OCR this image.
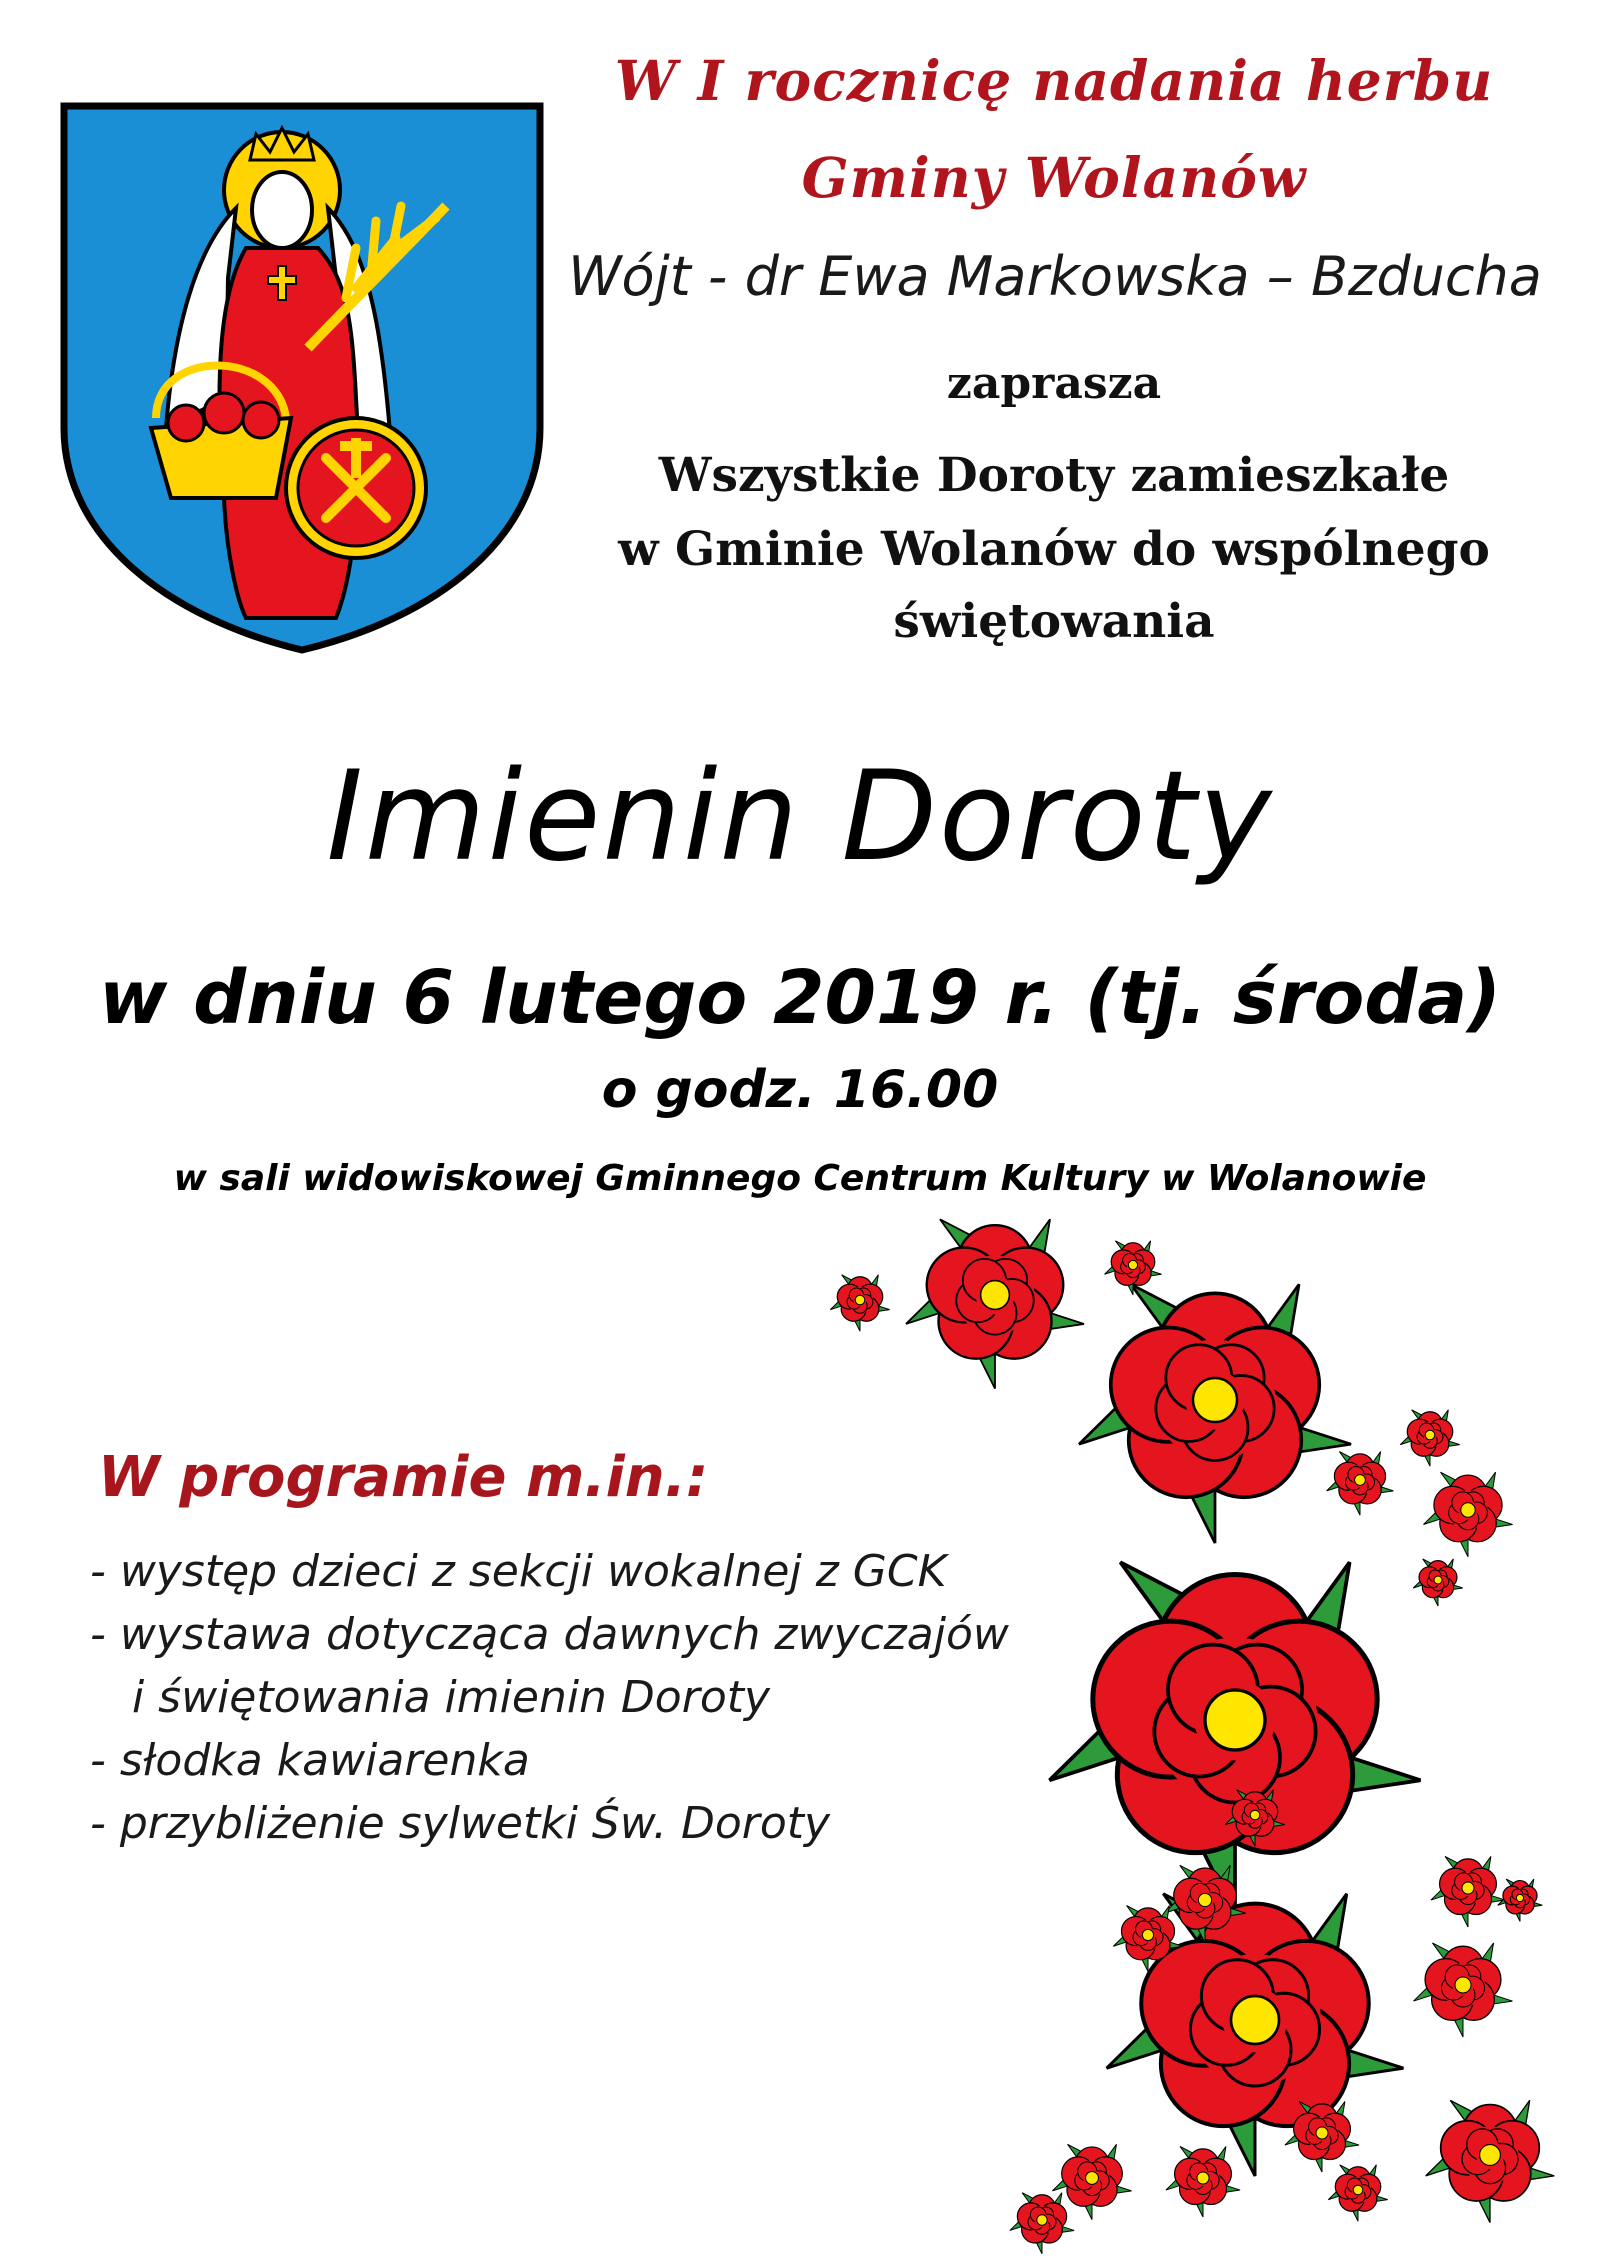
W I rocznicę nadania herbu
Gminy Wolanów
Wójt - dr Ewa Markowska – Bzducha
zaprasza
Wszystkie Doroty zamieszkałe
w Gminie Wolanów do wspólnego
świętowania
Imienin Doroty
w dniu 6 lutego 2019 r. (tj. środa)
o godz. 16.00
w sali widowiskowej Gminnego Centrum Kultury w Wolanowie
W programie m.in.:
- występ dzieci z sekcji wokalnej z GCK
- wystawa dotycząca dawnych zwyczajów
i świętowania imienin Doroty
- słodka kawiarenka
- przybliżenie sylwetki Św. Doroty
